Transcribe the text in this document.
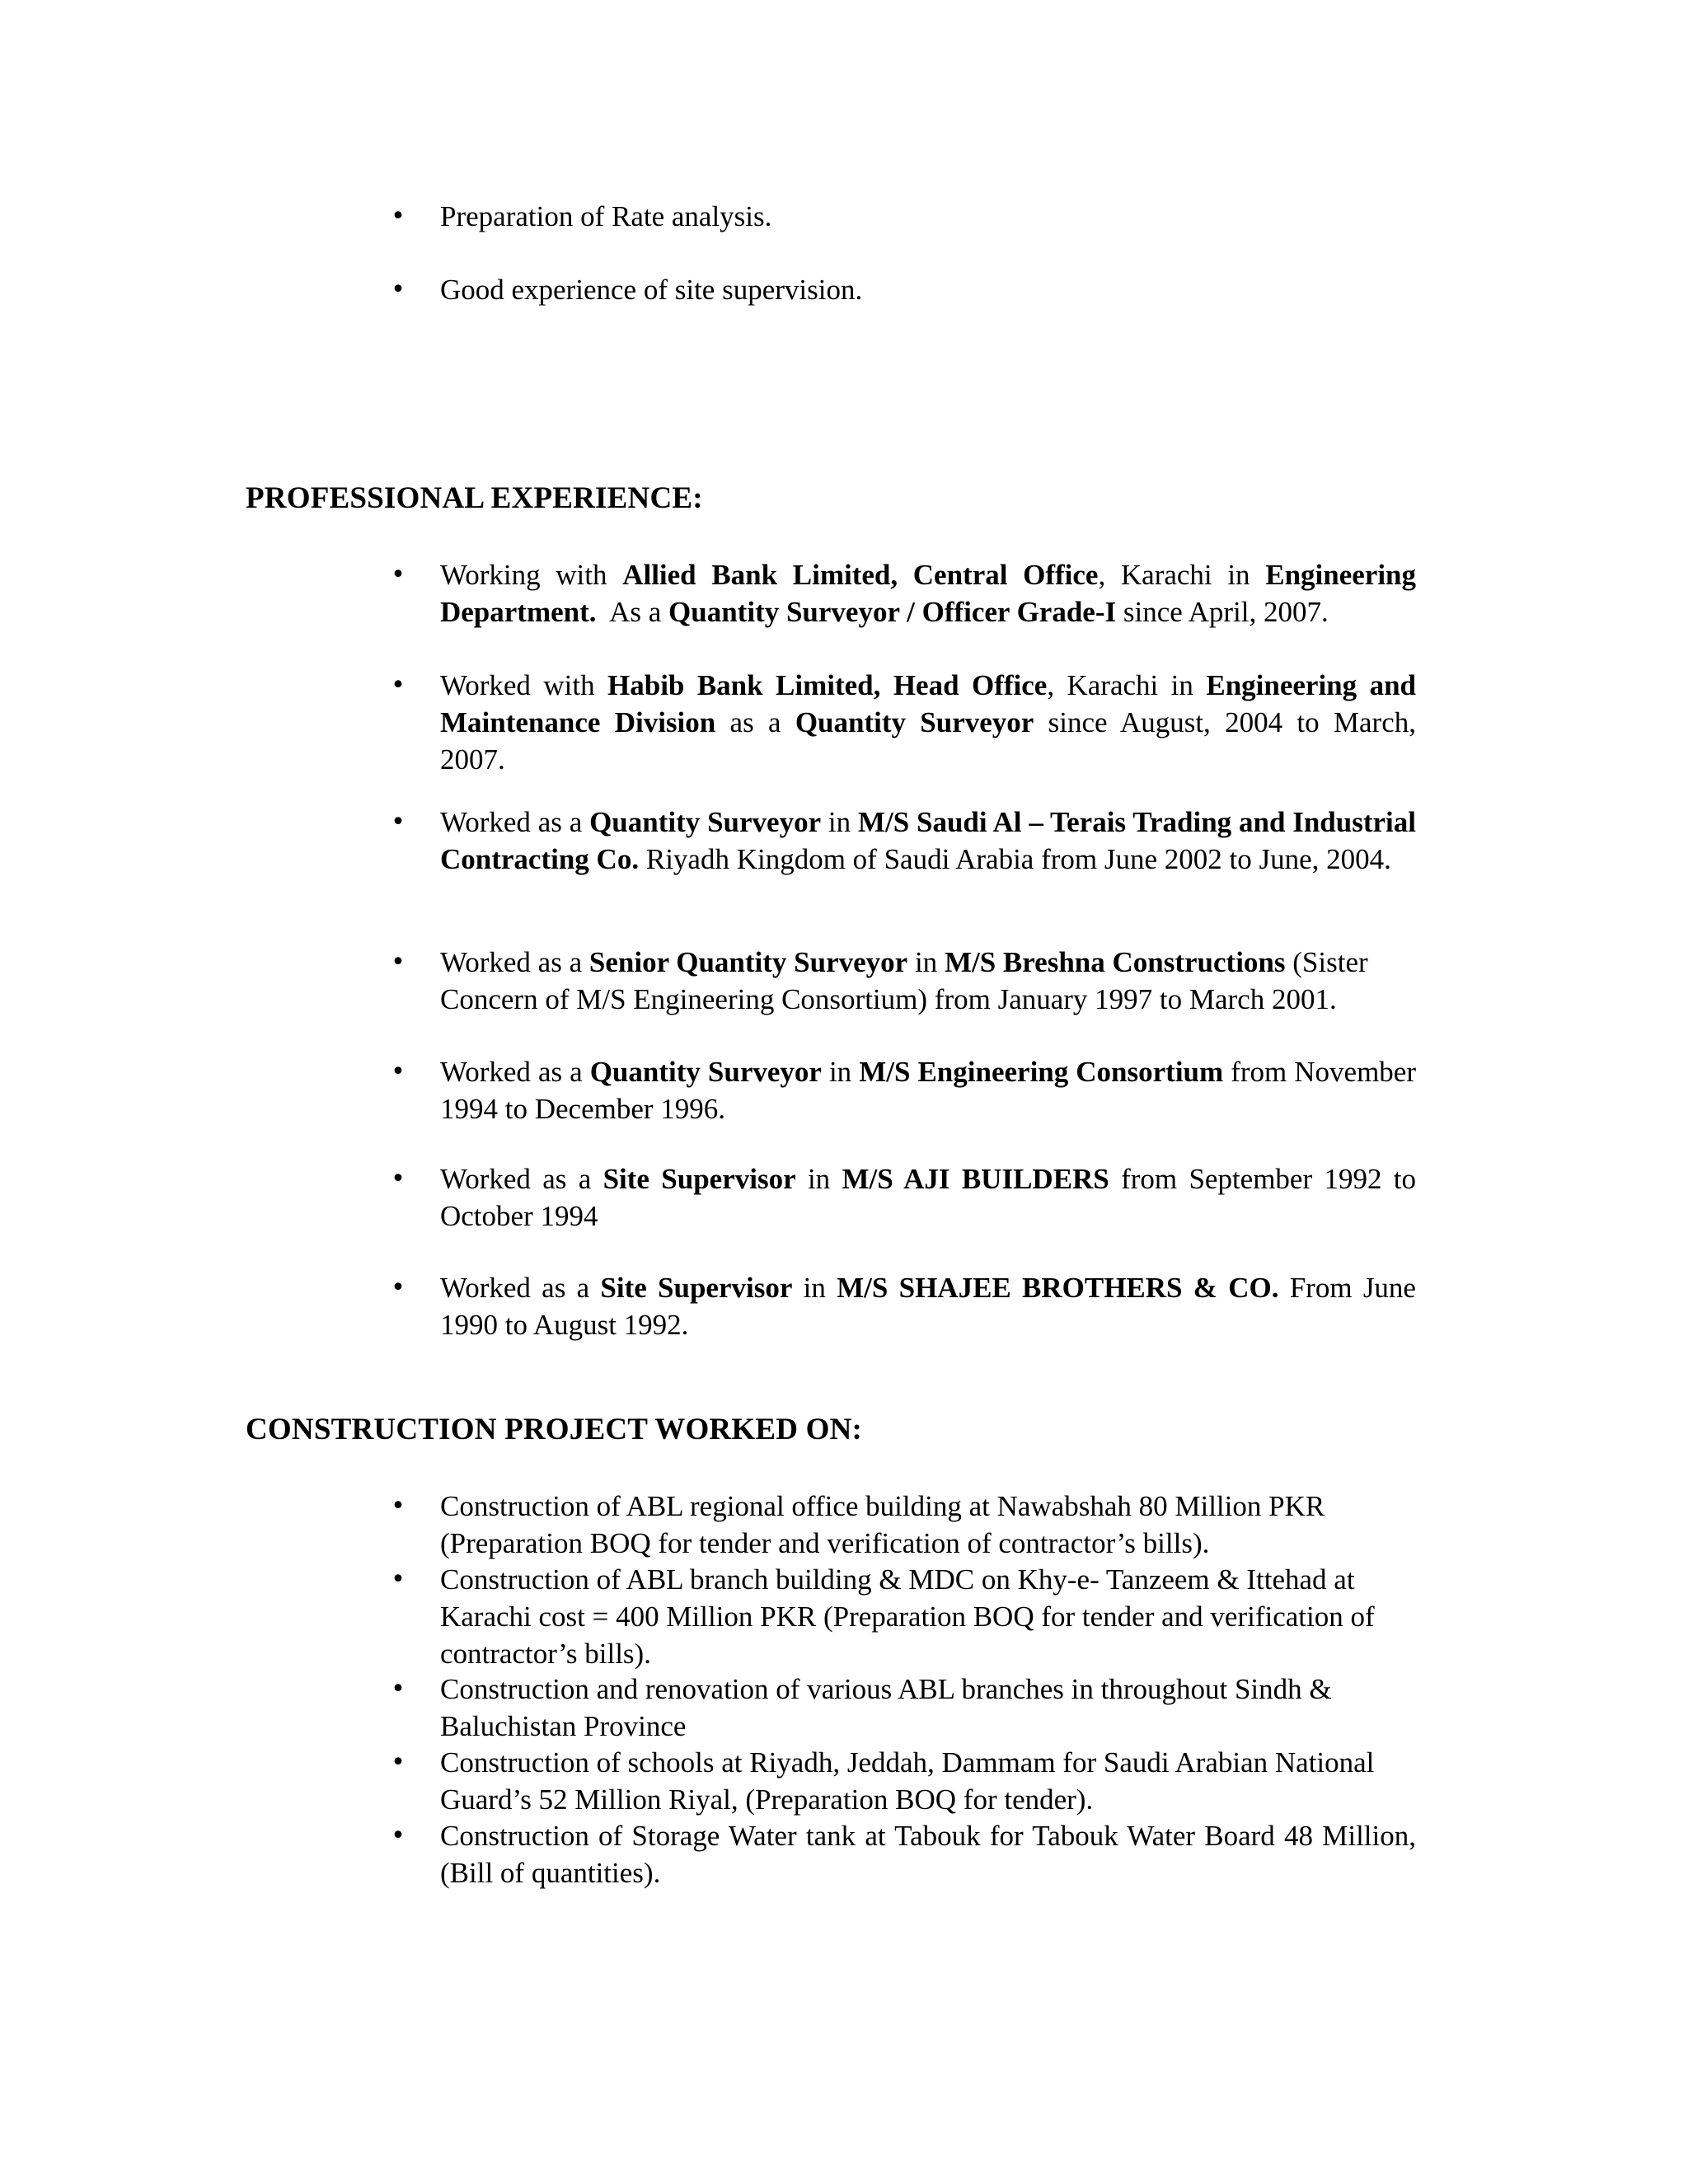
• Preparation of Rate analysis.
• Good experience of site supervision.
PROFESSIONAL EXPERIENCE:
• Working with Allied Bank Limited, Central Office, Karachi in Engineering Department.  As a Quantity Surveyor / Officer Grade-I since April, 2007.
• Worked with Habib Bank Limited, Head Office, Karachi in Engineering and Maintenance Division as a Quantity Surveyor since August, 2004 to March, 2007.
• Worked as a Quantity Surveyor in M/S Saudi Al – Terais Trading and Industrial Contracting Co. Riyadh Kingdom of Saudi Arabia from June 2002 to June, 2004.
• Worked as a Senior Quantity Surveyor in M/S Breshna Constructions (Sister Concern of M/S Engineering Consortium) from January 1997 to March 2001.
• Worked as a Quantity Surveyor in M/S Engineering Consortium from November 1994 to December 1996.
• Worked as a Site Supervisor in M/S AJI BUILDERS from September 1992 to October 1994
• Worked as a Site Supervisor in M/S SHAJEE BROTHERS & CO. From June 1990 to August 1992.
CONSTRUCTION PROJECT WORKED ON:
• Construction of ABL regional office building at Nawabshah 80 Million PKR (Preparation BOQ for tender and verification of contractor’s bills).
• Construction of ABL branch building & MDC on Khy-e- Tanzeem & Ittehad at Karachi cost = 400 Million PKR (Preparation BOQ for tender and verification of contractor’s bills).
• Construction and renovation of various ABL branches in throughout Sindh & Baluchistan Province
• Construction of schools at Riyadh, Jeddah, Dammam for Saudi Arabian National Guard’s 52 Million Riyal, (Preparation BOQ for tender).
• Construction of Storage Water tank at Tabouk for Tabouk Water Board 48 Million, (Bill of quantities).
